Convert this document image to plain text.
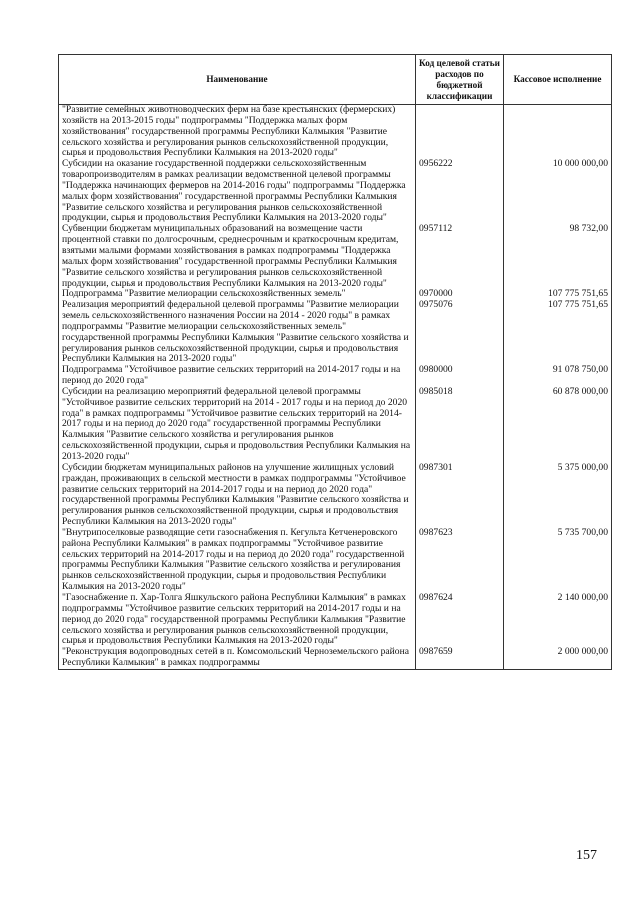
Наименование	Код целевой статьи расходов по бюджетной классификации	Кассовое исполнение
"Развитие семейных животноводческих ферм на базе крестьянских (фермерских) хозяйств на 2013-2015 годы" подпрограммы "Поддержка малых форм хозяйствования" государственной программы Республики Калмыкия "Развитие сельского хозяйства и регулирования рынков сельскохозяйственной продукции, сырья и продовольствия Республики Калмыкия на 2013-2020 годы"		
Субсидии на оказание государственной поддержки сельскохозяйственным товаропроизводителям в рамках реализации ведомственной целевой программы "Поддержка начинающих фермеров на 2014-2016 годы" подпрограммы "Поддержка малых форм хозяйствования" государственной программы Республики Калмыкия "Развитие сельского хозяйства и регулирования рынков сельскохозяйственной продукции, сырья и продовольствия Республики Калмыкия на 2013-2020 годы"	0956222	10 000 000,00
Субвенции бюджетам муниципальных образований на возмещение части процентной ставки по долгосрочным, среднесрочным и краткосрочным кредитам, взятыми малыми формами хозяйствования в рамках подпрограммы "Поддержка малых форм хозяйствования" государственной программы Республики Калмыкия "Развитие сельского хозяйства и регулирования рынков сельскохозяйственной продукции, сырья и продовольствия Республики Калмыкия на 2013-2020 годы"	0957112	98 732,00
Подпрограмма "Развитие мелиорации сельскохозяйственных земель"	0970000	107 775 751,65
Реализация мероприятий федеральной целевой программы "Развитие мелиорации земель сельскохозяйственного назначения России на 2014 - 2020 годы" в рамках подпрограммы "Развитие мелиорации сельскохозяйственных земель" государственной программы Республики Калмыкия "Развитие сельского хозяйства и регулирования рынков сельскохозяйственной продукции, сырья и продовольствия Республики Калмыкия на 2013-2020 годы"	0975076	107 775 751,65
Подпрограмма "Устойчивое развитие сельских территорий на 2014-2017 годы и на период до 2020 года"	0980000	91 078 750,00
Субсидии на реализацию мероприятий федеральной целевой программы "Устойчивое развитие сельских территорий на 2014 - 2017 годы и на период до 2020 года" в рамках подпрограммы "Устойчивое развитие сельских территорий на 2014-2017 годы и на период до 2020 года" государственной программы Республики Калмыкия "Развитие сельского хозяйства и регулирования рынков сельскохозяйственной продукции, сырья и продовольствия Республики Калмыкия на 2013-2020 годы"	0985018	60 878 000,00
Субсидии бюджетам муниципальных районов на улучшение жилищных условий граждан, проживающих в сельской местности в рамках подпрограммы "Устойчивое развитие сельских территорий на 2014-2017 годы и на период до 2020 года" государственной программы Республики Калмыкия "Развитие сельского хозяйства и регулирования рынков сельскохозяйственной продукции, сырья и продовольствия Республики Калмыкия на 2013-2020 годы"	0987301	5 375 000,00
"Внутрипоселковые разводящие сети газоснабжения п. Кегульта Кетченеровского района Республики Калмыкия" в рамках подпрограммы "Устойчивое развитие сельских территорий на 2014-2017 годы и на период до 2020 года" государственной программы Республики Калмыкия "Развитие сельского хозяйства и регулирования рынков сельскохозяйственной продукции, сырья и продовольствия Республики Калмыкия на 2013-2020 годы"	0987623	5 735 700,00
"Газоснабжение п. Хар-Толга Яшкульского района Республики Калмыкия" в рамках подпрограммы "Устойчивое развитие сельских территорий на 2014-2017 годы и на период до 2020 года" государственной программы Республики Калмыкия "Развитие сельского хозяйства и регулирования рынков сельскохозяйственной продукции, сырья и продовольствия Республики Калмыкия на 2013-2020 годы"	0987624	2 140 000,00
"Реконструкция водопроводных сетей в п. Комсомольский Черноземельского района Республики Калмыкия" в рамках подпрограммы	0987659	2 000 000,00
157
